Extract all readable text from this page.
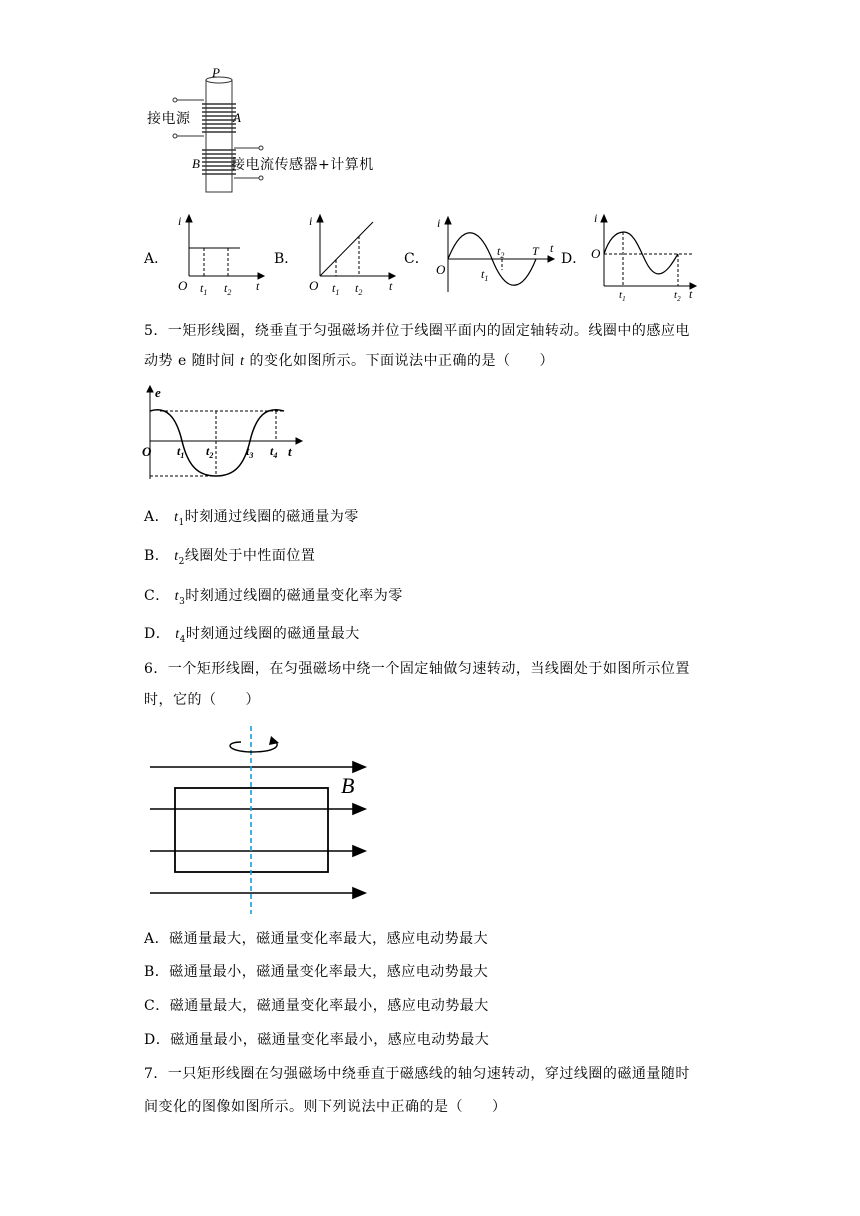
P
A
B
接电源
接电流传感器+计算机
A．
i
O $t_1$ $t_2$ t
B．
i
O $t_1$ $t_2$ t
C．
i
O	$t_1$
$t_2$ T t
D．
i
O
$t_1$	$t_2$ t
5．一矩形线圈，绕垂直于匀强磁场并位于线圈平面内的固定轴转动。线圈中的感应电
动势 e 随时间 t 的变化如图所示。下面说法中正确的是（　　）
e
O $t_1$ $t_2$	$t_3$ $t_4$ t
A． $t_1$时刻通过线圈的磁通量为零
B． $t_2$线圈处于中性面位置
C． $t_3$时刻通过线圈的磁通量变化率为零
D． $t_4$时刻通过线圈的磁通量最大
6．一个矩形线圈，在匀强磁场中绕一个固定轴做匀速转动，当线圈处于如图所示位置
时，它的（　　）
B
A．磁通量最大，磁通量变化率最大，感应电动势最大
B．磁通量最小，磁通量变化率最大，感应电动势最大
C．磁通量最大，磁通量变化率最小，感应电动势最大
D．磁通量最小，磁通量变化率最小，感应电动势最大
7．一只矩形线圈在匀强磁场中绕垂直于磁感线的轴匀速转动，穿过线圈的磁通量随时
间变化的图像如图所示。则下列说法中正确的是（　　）
